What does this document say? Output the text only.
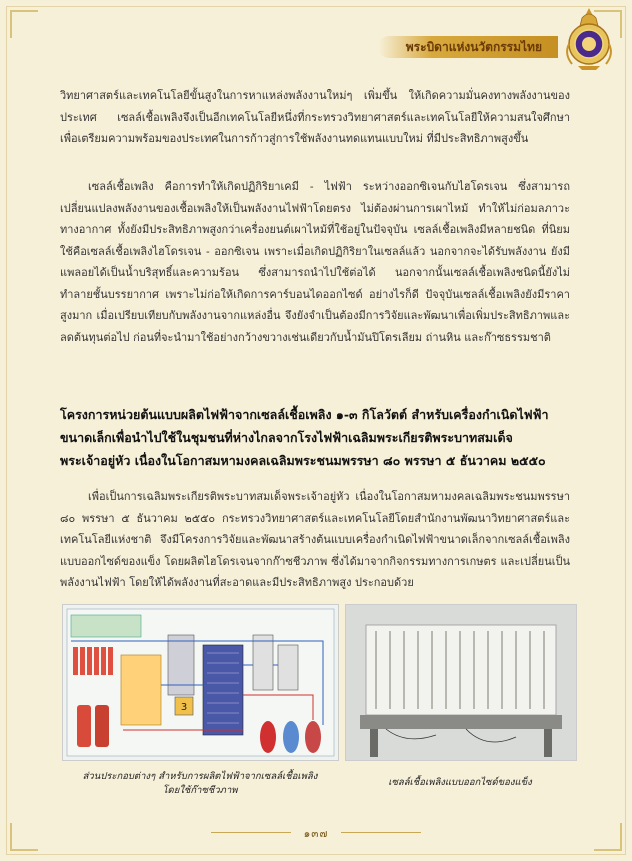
พระบิดาแห่งนวัตกรรมไทย

วิทยาศาสตร์และเทคโนโลยีขั้นสูงในการหาแหล่งพลังงานใหม่ๆ เพิ่มขึ้น ให้เกิดความมั่นคงทางพลังงานของประเทศ เซลล์เชื้อเพลิงจึงเป็นอีกเทคโนโลยีหนึ่งที่กระทรวงวิทยาศาสตร์และเทคโนโลยีให้ความสนใจศึกษา เพื่อเตรียมความพร้อมของประเทศในการก้าวสู่การใช้พลังงานทดแทนแบบใหม่ ที่มีประสิทธิภาพสูงขึ้น

เซลล์เชื้อเพลิง คือการทำให้เกิดปฏิกิริยาเคมี - ไฟฟ้า ระหว่างออกซิเจนกับไฮโดรเจน ซึ่งสามารถเปลี่ยนแปลงพลังงานของเชื้อเพลิงให้เป็นพลังงานไฟฟ้าโดยตรง ไม่ต้องผ่านการเผาไหม้ ทำให้ไม่ก่อมลภาวะทางอากาศ ทั้งยังมีประสิทธิภาพสูงกว่าเครื่องยนต์เผาไหม้ที่ใช้อยู่ในปัจจุบัน เซลล์เชื้อเพลิงมีหลายชนิด ที่นิยมใช้คือเซลล์เชื้อเพลิงไฮโดรเจน - ออกซิเจน เพราะเมื่อเกิดปฏิกิริยาในเซลล์แล้ว นอกจากจะได้รับพลังงาน ยังมีแพลอยได้เป็นน้ำบริสุทธิ์และความร้อน ซึ่งสามารถนำไปใช้ต่อได้ นอกจากนั้นเซลล์เชื้อเพลิงชนิดนี้ยังไม่ทำลายชั้นบรรยากาศ เพราะไม่ก่อให้เกิดการคาร์บอนไดออกไซด์ อย่างไรก็ดี ปัจจุบันเซลล์เชื้อเพลิงยังมีราคาสูงมาก เมื่อเปรียบเทียบกับพลังงานจากแหล่งอื่น จึงยังจำเป็นต้องมีการวิจัยและพัฒนาเพื่อเพิ่มประสิทธิภาพและลดต้นทุนต่อไป ก่อนที่จะนำมาใช้อย่างกว้างขวางเช่นเดียวกับน้ำมันปิโตรเลียม ถ่านหิน และก๊าซธรรมชาติ

โครงการหน่วยต้นแบบผลิตไฟฟ้าจากเซลล์เชื้อเพลิง ๑-๓ กิโลวัตต์ สำหรับเครื่องกำเนิดไฟฟ้าขนาดเล็กเพื่อนำไปใช้ในชุมชนที่ห่างไกลจากโรงไฟฟ้าเฉลิมพระเกียรติพระบาทสมเด็จพระเจ้าอยู่หัว เนื่องในโอกาสมหามงคลเฉลิมพระชนมพรรษา ๘๐ พรรษา ๕ ธันวาคม ๒๕๕๐

เพื่อเป็นการเฉลิมพระเกียรติพระบาทสมเด็จพระเจ้าอยู่หัว เนื่องในโอกาสมหามงคลเฉลิมพระชนมพรรษา ๘๐ พรรษา ๕ ธันวาคม ๒๕๕๐ กระทรวงวิทยาศาสตร์และเทคโนโลยีโดยสำนักงานพัฒนาวิทยาศาสตร์และเทคโนโลยีแห่งชาติ จึงมีโครงการวิจัยและพัฒนาสร้างต้นแบบเครื่องกำเนิดไฟฟ้าขนาดเล็กจากเซลล์เชื้อเพลิงแบบออกไซด์ของแข็ง โดยผลิตไฮโดรเจนจากก๊าซชีวภาพ ซึ่งได้มาจากกิจกรรมทางการเกษตร และเปลี่ยนเป็นพลังงานไฟฟ้า โดยให้ได้พลังงานที่สะอาดและมีประสิทธิภาพสูง ประกอบด้วย

3
ส่วนประกอบต่างๆ สำหรับการผลิตไฟฟ้าจากเซลล์เชื้อเพลิงโดยใช้ก๊าซชีวภาพ
เซลล์เชื้อเพลิงแบบออกไซด์ของแข็ง
๑๓๗
